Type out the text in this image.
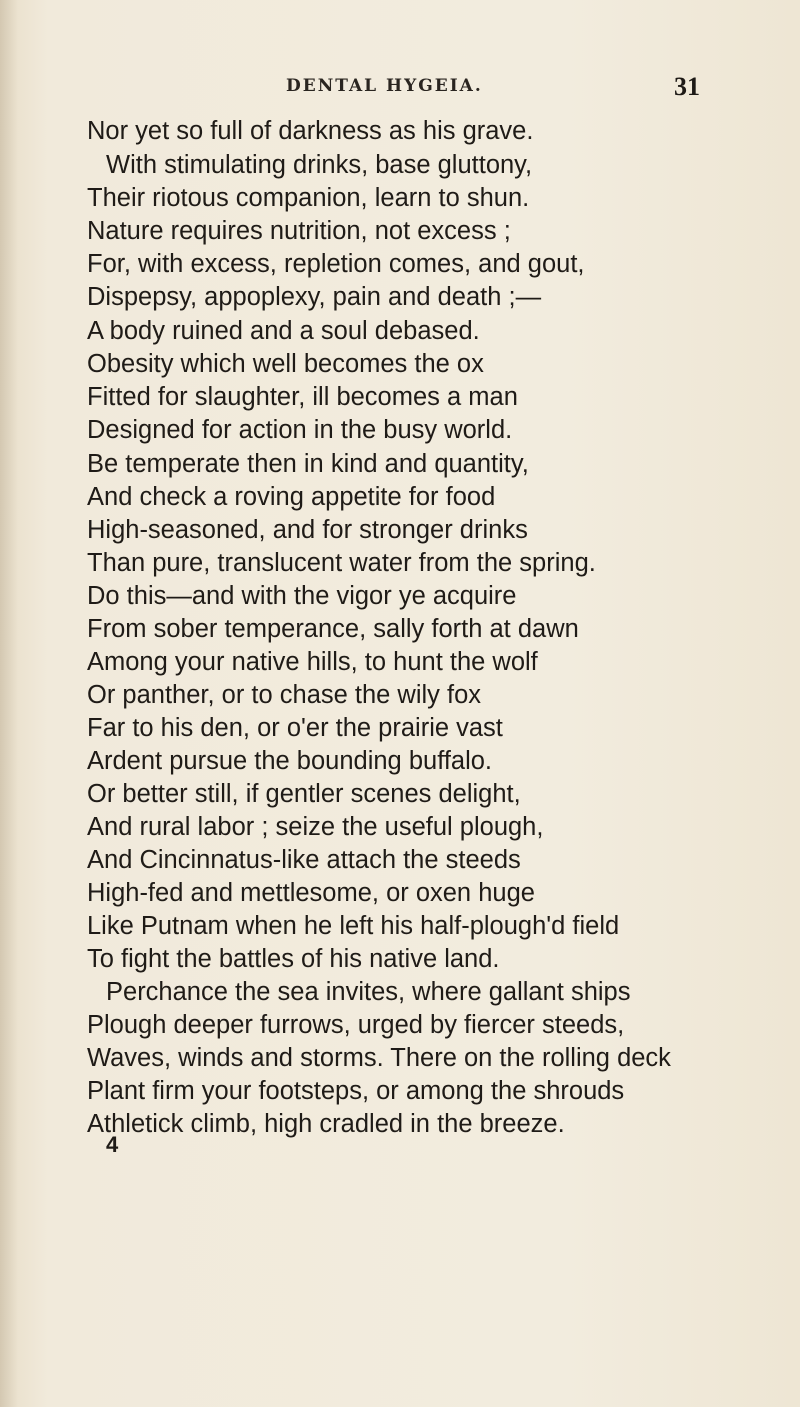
DENTAL HYGEIA.	31
Nor yet so full of darkness as his grave.
With stimulating drinks, base gluttony,
Their riotous companion, learn to shun.
Nature requires nutrition, not excess ;
For, with excess, repletion comes, and gout,
Dispepsy, appoplexy, pain and death ;—
A body ruined and a soul debased.
Obesity which well becomes the ox
Fitted for slaughter, ill becomes a man
Designed for action in the busy world.
Be temperate then in kind and quantity,
And check a roving appetite for food
High-seasoned, and for stronger drinks
Than pure, translucent water from the spring.
Do this—and with the vigor ye acquire
From sober temperance, sally forth at dawn
Among your native hills, to hunt the wolf
Or panther, or to chase the wily fox
Far to his den, or o'er the prairie vast
Ardent pursue the bounding buffalo.
Or better still, if gentler scenes delight,
And rural labor ; seize the useful plough,
And Cincinnatus-like attach the steeds
High-fed and mettlesome, or oxen huge
Like Putnam when he left his half-plough'd field
To fight the battles of his native land.
Perchance the sea invites, where gallant ships
Plough deeper furrows, urged by fiercer steeds,
Waves, winds and storms. There on the rolling deck
Plant firm your footsteps, or among the shrouds
Athletick climb, high cradled in the breeze.
4
